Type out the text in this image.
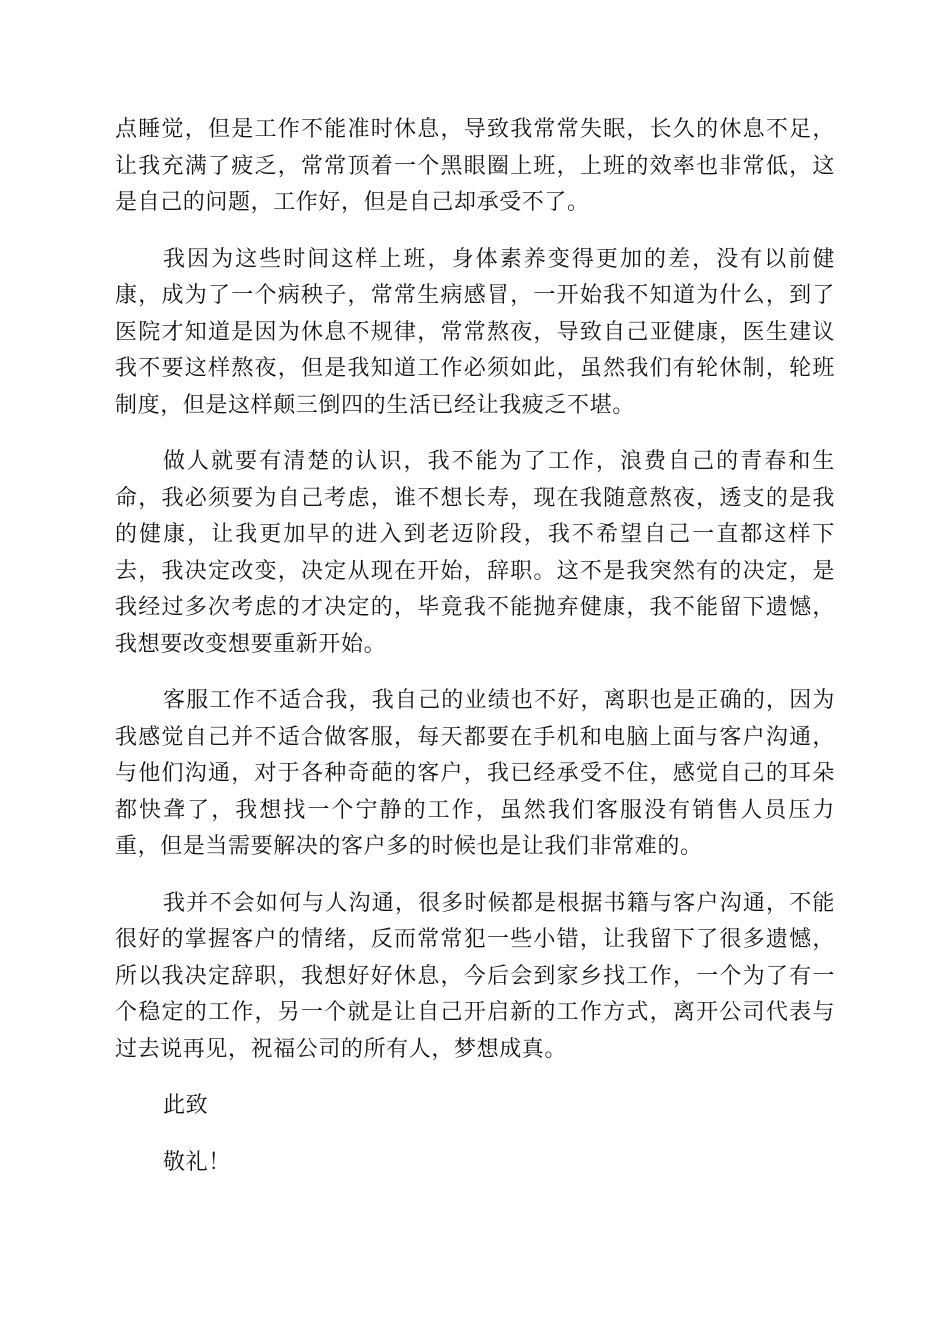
点睡觉，但是工作不能准时休息，导致我常常失眠，长久的休息不足，让我充满了疲乏，常常顶着一个黑眼圈上班，上班的效率也非常低，这是自己的问题，工作好，但是自己却承受不了。

我因为这些时间这样上班，身体素养变得更加的差，没有以前健康，成为了一个病秧子，常常生病感冒，一开始我不知道为什么，到了医院才知道是因为休息不规律，常常熬夜，导致自己亚健康，医生建议我不要这样熬夜，但是我知道工作必须如此，虽然我们有轮休制，轮班制度，但是这样颠三倒四的生活已经让我疲乏不堪。

做人就要有清楚的认识，我不能为了工作，浪费自己的青春和生命，我必须要为自己考虑，谁不想长寿，现在我随意熬夜，透支的是我的健康，让我更加早的进入到老迈阶段，我不希望自己一直都这样下去，我决定改变，决定从现在开始，辞职。这不是我突然有的决定，是我经过多次考虑的才决定的，毕竟我不能抛弃健康，我不能留下遗憾，我想要改变想要重新开始。

客服工作不适合我，我自己的业绩也不好，离职也是正确的，因为我感觉自己并不适合做客服，每天都要在手机和电脑上面与客户沟通，与他们沟通，对于各种奇葩的客户，我已经承受不住，感觉自己的耳朵都快聋了，我想找一个宁静的工作，虽然我们客服没有销售人员压力重，但是当需要解决的客户多的时候也是让我们非常难的。

我并不会如何与人沟通，很多时候都是根据书籍与客户沟通，不能很好的掌握客户的情绪，反而常常犯一些小错，让我留下了很多遗憾，所以我决定辞职，我想好好休息，今后会到家乡找工作，一个为了有一个稳定的工作，另一个就是让自己开启新的工作方式，离开公司代表与过去说再见，祝福公司的所有人，梦想成真。

此致

敬礼！
